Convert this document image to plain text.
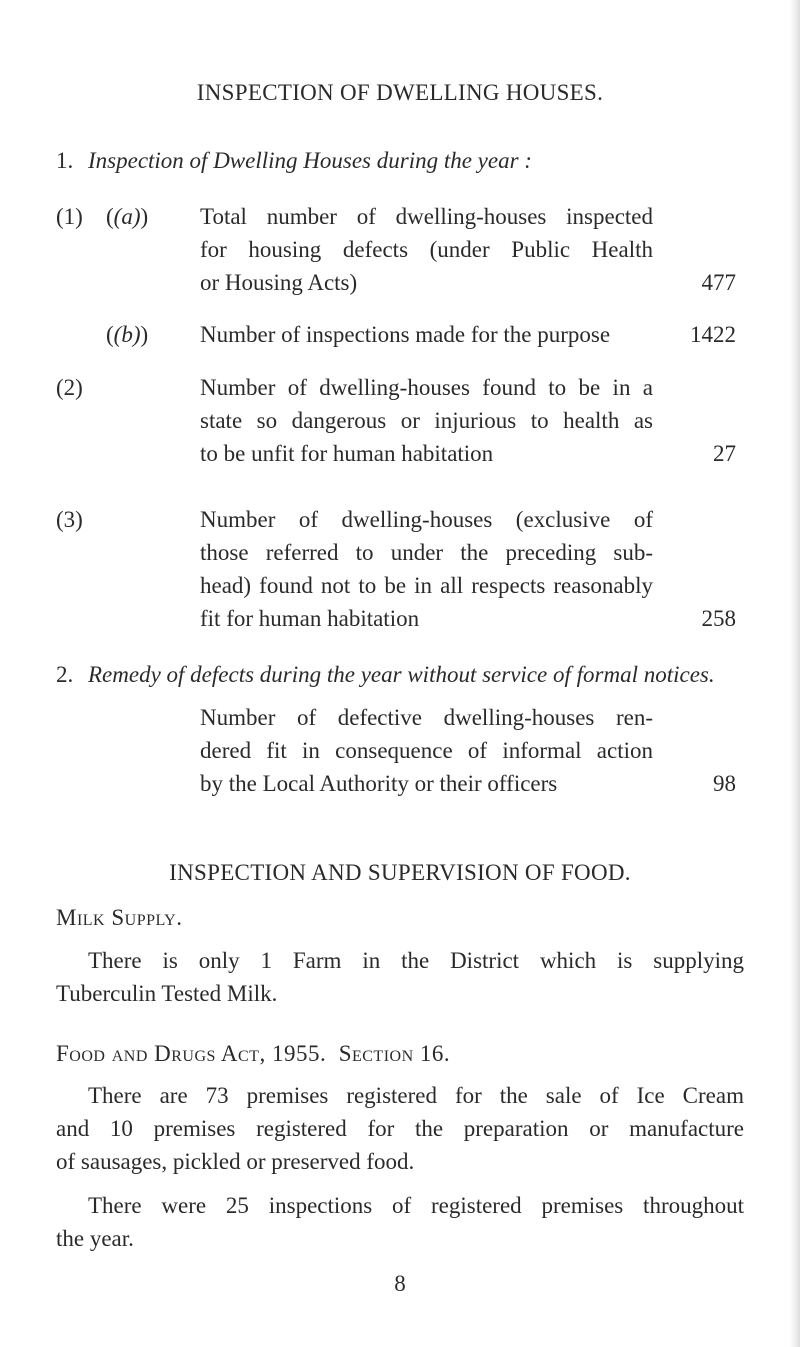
INSPECTION OF DWELLING HOUSES.
1. Inspection of Dwelling Houses during the year :
(1) ((a)) Total number of dwelling-houses inspected
for housing defects (under Public Health
or Housing Acts)	477
((b)) Number of inspections made for the purpose	1422
(2)	Number of dwelling-houses found to be in a
state so dangerous or injurious to health as
to be unfit for human habitation	27
(3)	Number of dwelling-houses (exclusive of
those referred to under the preceding sub-
head) found not to be in all respects reasonably
fit for human habitation	258
2. Remedy of defects during the year without service of formal notices.
Number of defective dwelling-houses ren-
dered fit in consequence of informal action
by the Local Authority or their officers	98
INSPECTION AND SUPERVISION OF FOOD.
Milk Supply.
There is only 1 Farm in the District which is supplying
Tuberculin Tested Milk.
Food and Drugs Act, 1955.  Section 16.
There are 73 premises registered for the sale of Ice Cream
and 10 premises registered for the preparation or manufacture
of sausages, pickled or preserved food.
There were 25 inspections of registered premises throughout
the year.
8
